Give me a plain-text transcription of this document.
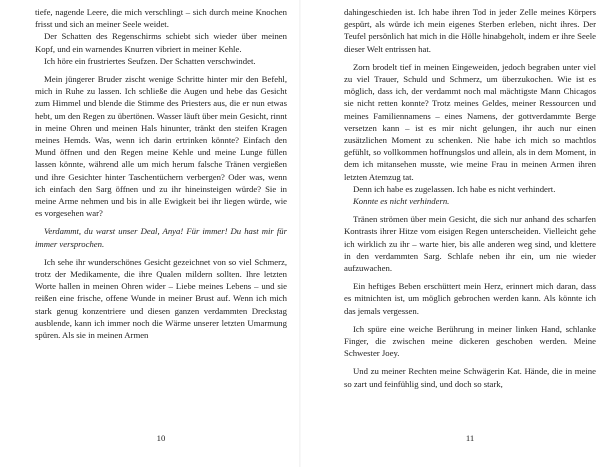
tiefe, nagende Leere, die mich verschlingt – sich durch meine Knochen frisst und sich an meiner Seele weidet.

Der Schatten des Regenschirms schiebt sich wieder über meinen Kopf, und ein warnendes Knurren vibriert in meiner Kehle.

Ich höre ein frustriertes Seufzen. Der Schatten verschwindet.

Mein jüngerer Bruder zischt wenige Schritte hinter mir den Befehl, mich in Ruhe zu lassen. Ich schließe die Augen und hebe das Gesicht zum Himmel und blende die Stimme des Priesters aus, die er nun etwas hebt, um den Regen zu übertönen. Wasser läuft über mein Gesicht, rinnt in meine Ohren und meinen Hals hinunter, tränkt den steifen Kragen meines Hemds. Was, wenn ich darin ertrinken könnte? Einfach den Mund öffnen und den Regen meine Kehle und meine Lunge füllen lassen könnte, während alle um mich herum falsche Tränen vergießen und ihre Gesichter hinter Taschentüchern verbergen? Oder was, wenn ich einfach den Sarg öffnen und zu ihr hineinsteigen würde? Sie in meine Arme nehmen und bis in alle Ewigkeit bei ihr liegen würde, wie es vorgesehen war?

Verdammt, du warst unser Deal, Anya! Für immer! Du hast mir für immer versprochen.

Ich sehe ihr wunderschönes Gesicht gezeichnet von so viel Schmerz, trotz der Medikamente, die ihre Qualen mildern sollten. Ihre letzten Worte hallen in meinen Ohren wider – Liebe meines Lebens – und sie reißen eine frische, offene Wunde in meiner Brust auf. Wenn ich mich stark genug konzentriere und diesen ganzen verdammten Dreckstag ausblende, kann ich immer noch die Wärme unserer letzten Umarmung spüren. Als sie in meinen Armen

10

dahingeschieden ist. Ich habe ihren Tod in jeder Zelle meines Körpers gespürt, als würde ich mein eigenes Sterben erleben, nicht ihres. Der Teufel persönlich hat mich in die Hölle hinabgeholt, indem er ihre Seele dieser Welt entrissen hat.

Zorn brodelt tief in meinen Eingeweiden, jedoch begraben unter viel zu viel Trauer, Schuld und Schmerz, um überzukochen. Wie ist es möglich, dass ich, der verdammt noch mal mächtigste Mann Chicagos sie nicht retten konnte? Trotz meines Geldes, meiner Ressourcen und meines Familiennamens – eines Namens, der gottverdammte Berge versetzen kann – ist es mir nicht gelungen, ihr auch nur einen zusätzlichen Moment zu schenken. Nie habe ich mich so machtlos gefühlt, so vollkommen hoffnungslos und allein, als in dem Moment, in dem ich mitansehen musste, wie meine Frau in meinen Armen ihren letzten Atemzug tat.

Denn ich habe es zugelassen. Ich habe es nicht verhindert.

Konnte es nicht verhindern.

Tränen strömen über mein Gesicht, die sich nur anhand des scharfen Kontrasts ihrer Hitze vom eisigen Regen unterscheiden. Vielleicht gehe ich wirklich zu ihr – warte hier, bis alle anderen weg sind, und klettere in den verdammten Sarg. Schlafe neben ihr ein, um nie wieder aufzuwachen.

Ein heftiges Beben erschüttert mein Herz, erinnert mich daran, dass es mitnichten ist, um möglich gebrochen werden kann. Als könnte ich das jemals vergessen.

Ich spüre eine weiche Berührung in meiner linken Hand, schlanke Finger, die zwischen meine dickeren geschoben werden. Meine Schwester Joey.

Und zu meiner Rechten meine Schwägerin Kat. Hände, die in meine so zart und feinfühlig sind, und doch so stark,

11
